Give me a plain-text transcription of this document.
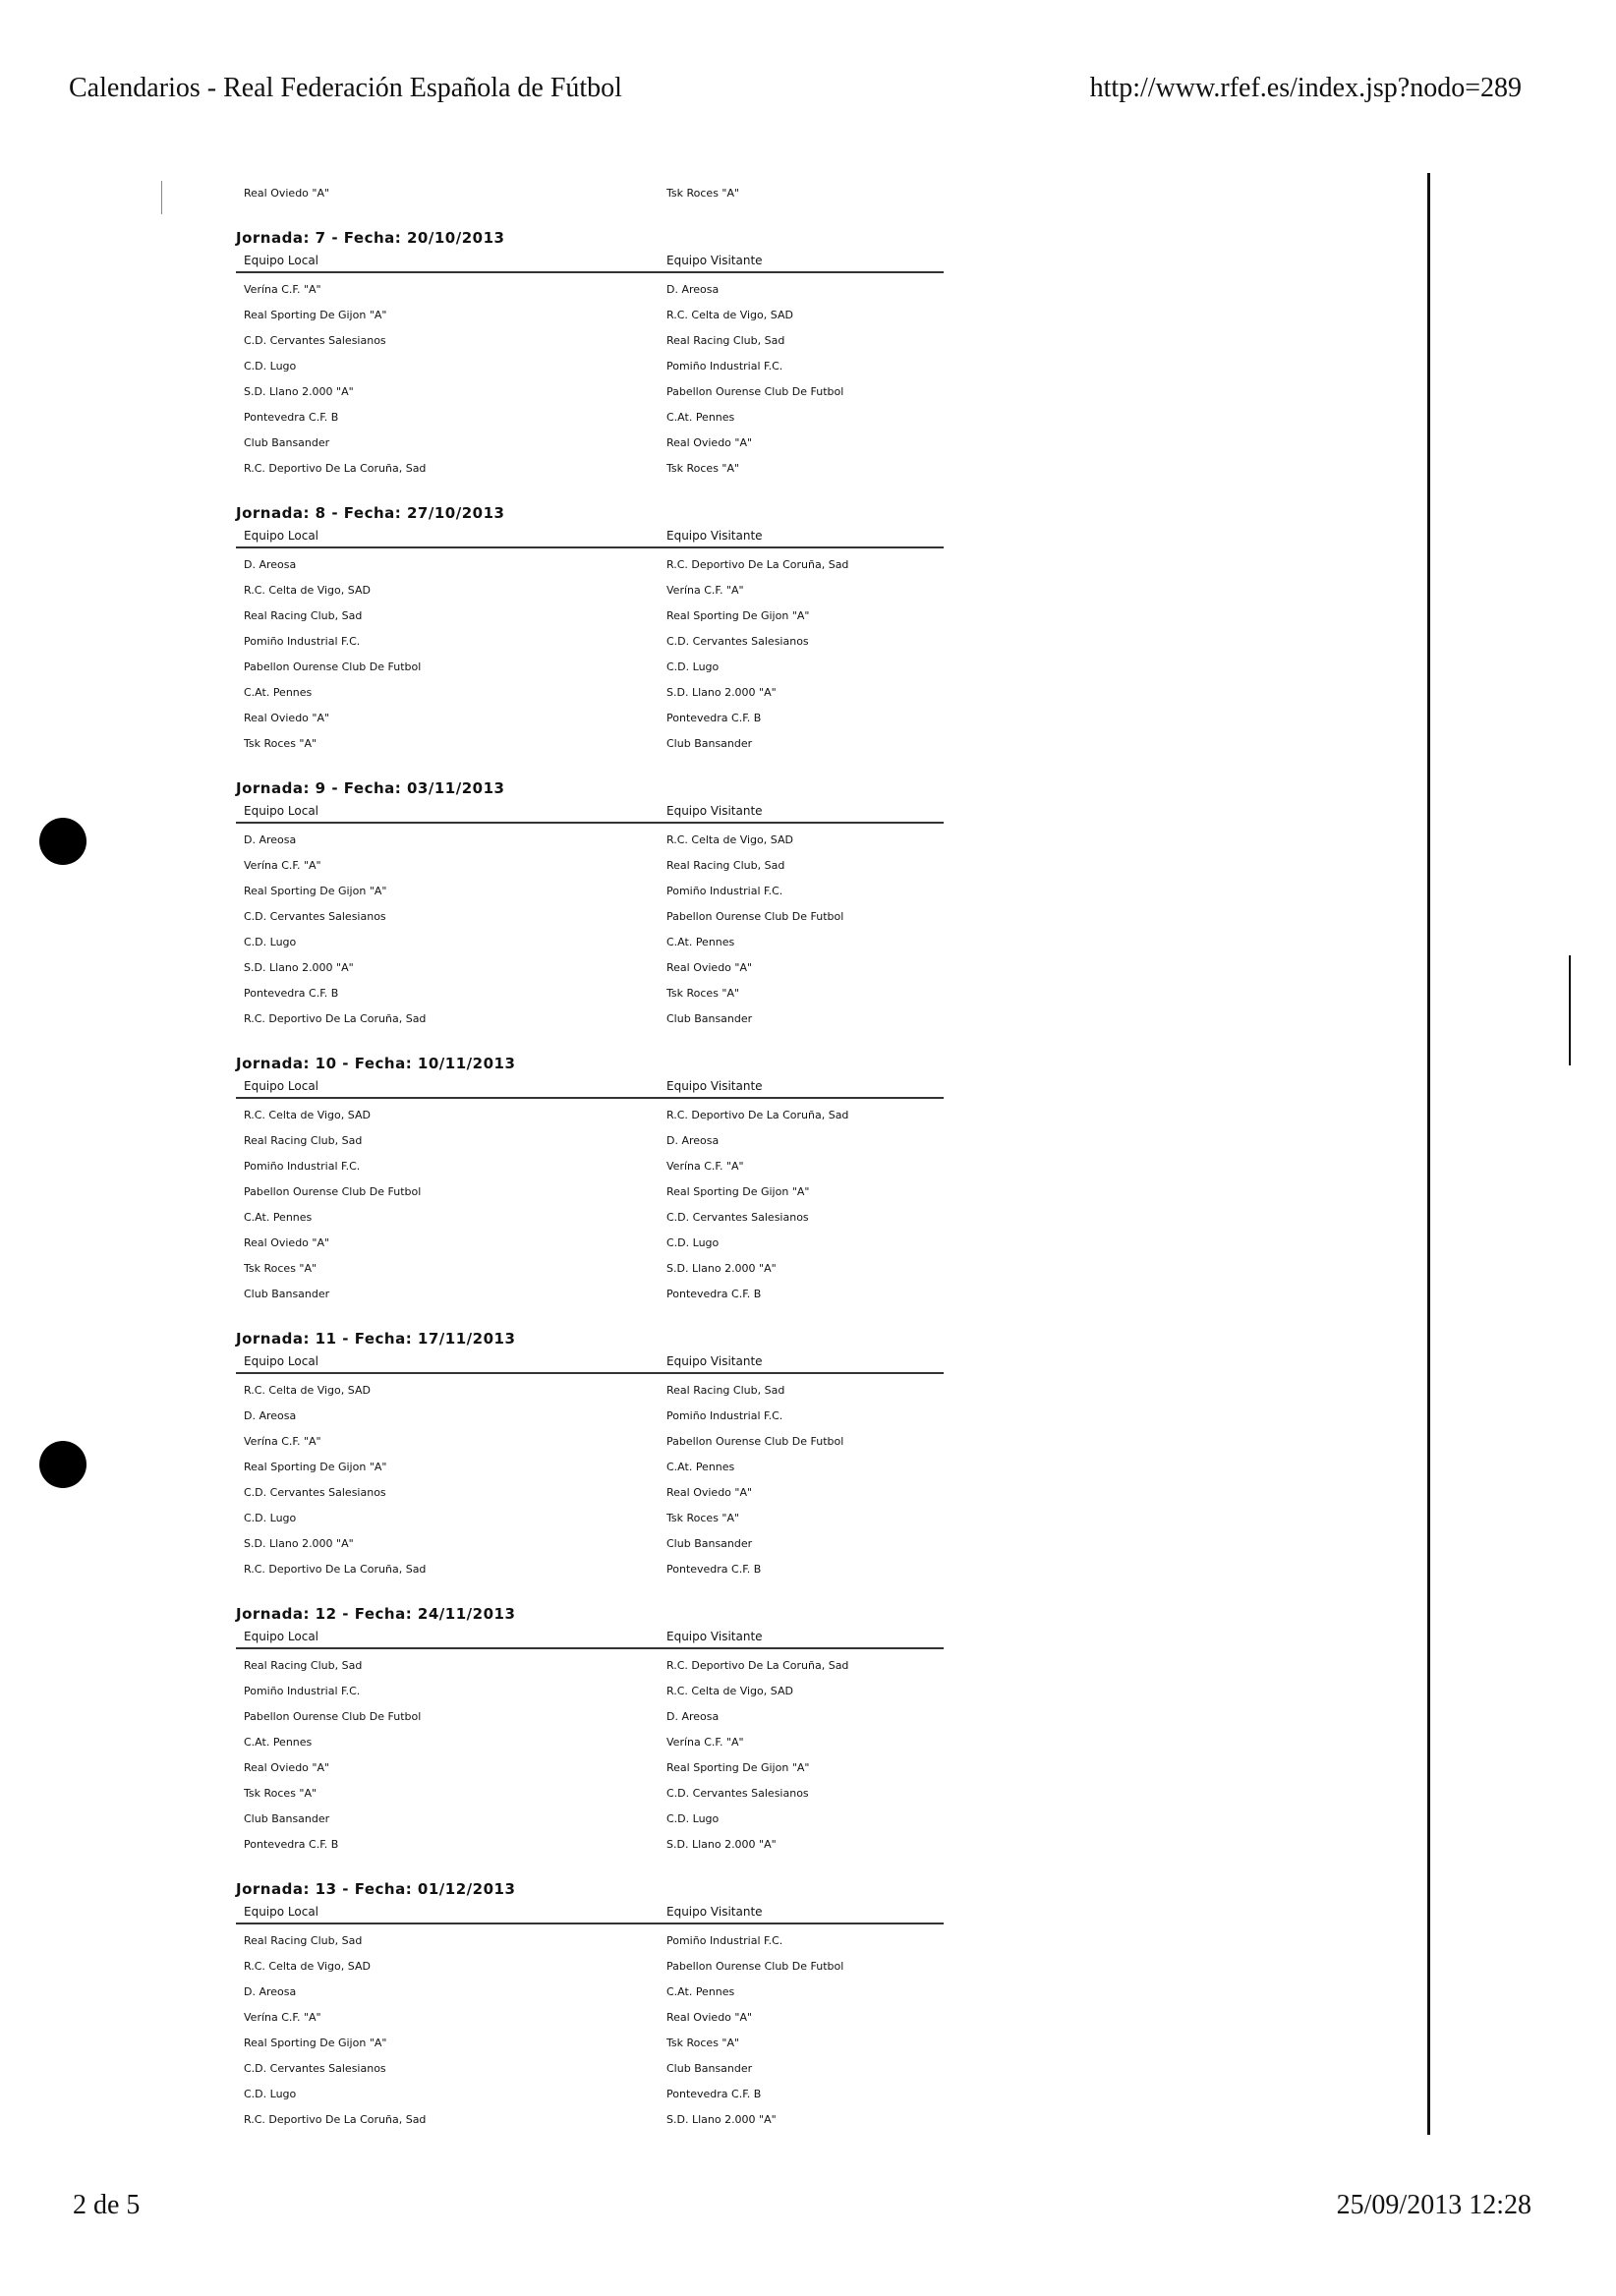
Calendarios - Real Federación Española de Fútbol	http://www.rfef.es/index.jsp?nodo=289
Real Oviedo "A"	Tsk Roces "A"
Jornada: 7 - Fecha: 20/10/2013
Equipo Local	Equipo Visitante
Verína C.F. "A"	D. Areosa
Real Sporting De Gijon "A"	R.C. Celta de Vigo, SAD
C.D. Cervantes Salesianos	Real Racing Club, Sad
C.D. Lugo	Pomiño Industrial F.C.
S.D. Llano 2.000 "A"	Pabellon Ourense Club De Futbol
Pontevedra C.F. B	C.At. Pennes
Club Bansander	Real Oviedo "A"
R.C. Deportivo De La Coruña, Sad	Tsk Roces "A"
Jornada: 8 - Fecha: 27/10/2013
Equipo Local	Equipo Visitante
D. Areosa	R.C. Deportivo De La Coruña, Sad
R.C. Celta de Vigo, SAD	Verína C.F. "A"
Real Racing Club, Sad	Real Sporting De Gijon "A"
Pomiño Industrial F.C.	C.D. Cervantes Salesianos
Pabellon Ourense Club De Futbol	C.D. Lugo
C.At. Pennes	S.D. Llano 2.000 "A"
Real Oviedo "A"	Pontevedra C.F. B
Tsk Roces "A"	Club Bansander
Jornada: 9 - Fecha: 03/11/2013
Equipo Local	Equipo Visitante
D. Areosa	R.C. Celta de Vigo, SAD
Verína C.F. "A"	Real Racing Club, Sad
Real Sporting De Gijon "A"	Pomiño Industrial F.C.
C.D. Cervantes Salesianos	Pabellon Ourense Club De Futbol
C.D. Lugo	C.At. Pennes
S.D. Llano 2.000 "A"	Real Oviedo "A"
Pontevedra C.F. B	Tsk Roces "A"
R.C. Deportivo De La Coruña, Sad	Club Bansander
Jornada: 10 - Fecha: 10/11/2013
Equipo Local	Equipo Visitante
R.C. Celta de Vigo, SAD	R.C. Deportivo De La Coruña, Sad
Real Racing Club, Sad	D. Areosa
Pomiño Industrial F.C.	Verína C.F. "A"
Pabellon Ourense Club De Futbol	Real Sporting De Gijon "A"
C.At. Pennes	C.D. Cervantes Salesianos
Real Oviedo "A"	C.D. Lugo
Tsk Roces "A"	S.D. Llano 2.000 "A"
Club Bansander	Pontevedra C.F. B
Jornada: 11 - Fecha: 17/11/2013
Equipo Local	Equipo Visitante
R.C. Celta de Vigo, SAD	Real Racing Club, Sad
D. Areosa	Pomiño Industrial F.C.
Verína C.F. "A"	Pabellon Ourense Club De Futbol
Real Sporting De Gijon "A"	C.At. Pennes
C.D. Cervantes Salesianos	Real Oviedo "A"
C.D. Lugo	Tsk Roces "A"
S.D. Llano 2.000 "A"	Club Bansander
R.C. Deportivo De La Coruña, Sad	Pontevedra C.F. B
Jornada: 12 - Fecha: 24/11/2013
Equipo Local	Equipo Visitante
Real Racing Club, Sad	R.C. Deportivo De La Coruña, Sad
Pomiño Industrial F.C.	R.C. Celta de Vigo, SAD
Pabellon Ourense Club De Futbol	D. Areosa
C.At. Pennes	Verína C.F. "A"
Real Oviedo "A"	Real Sporting De Gijon "A"
Tsk Roces "A"	C.D. Cervantes Salesianos
Club Bansander	C.D. Lugo
Pontevedra C.F. B	S.D. Llano 2.000 "A"
Jornada: 13 - Fecha: 01/12/2013
Equipo Local	Equipo Visitante
Real Racing Club, Sad	Pomiño Industrial F.C.
R.C. Celta de Vigo, SAD	Pabellon Ourense Club De Futbol
D. Areosa	C.At. Pennes
Verína C.F. "A"	Real Oviedo "A"
Real Sporting De Gijon "A"	Tsk Roces "A"
C.D. Cervantes Salesianos	Club Bansander
C.D. Lugo	Pontevedra C.F. B
R.C. Deportivo De La Coruña, Sad	S.D. Llano 2.000 "A"
2 de 5	25/09/2013 12:28
